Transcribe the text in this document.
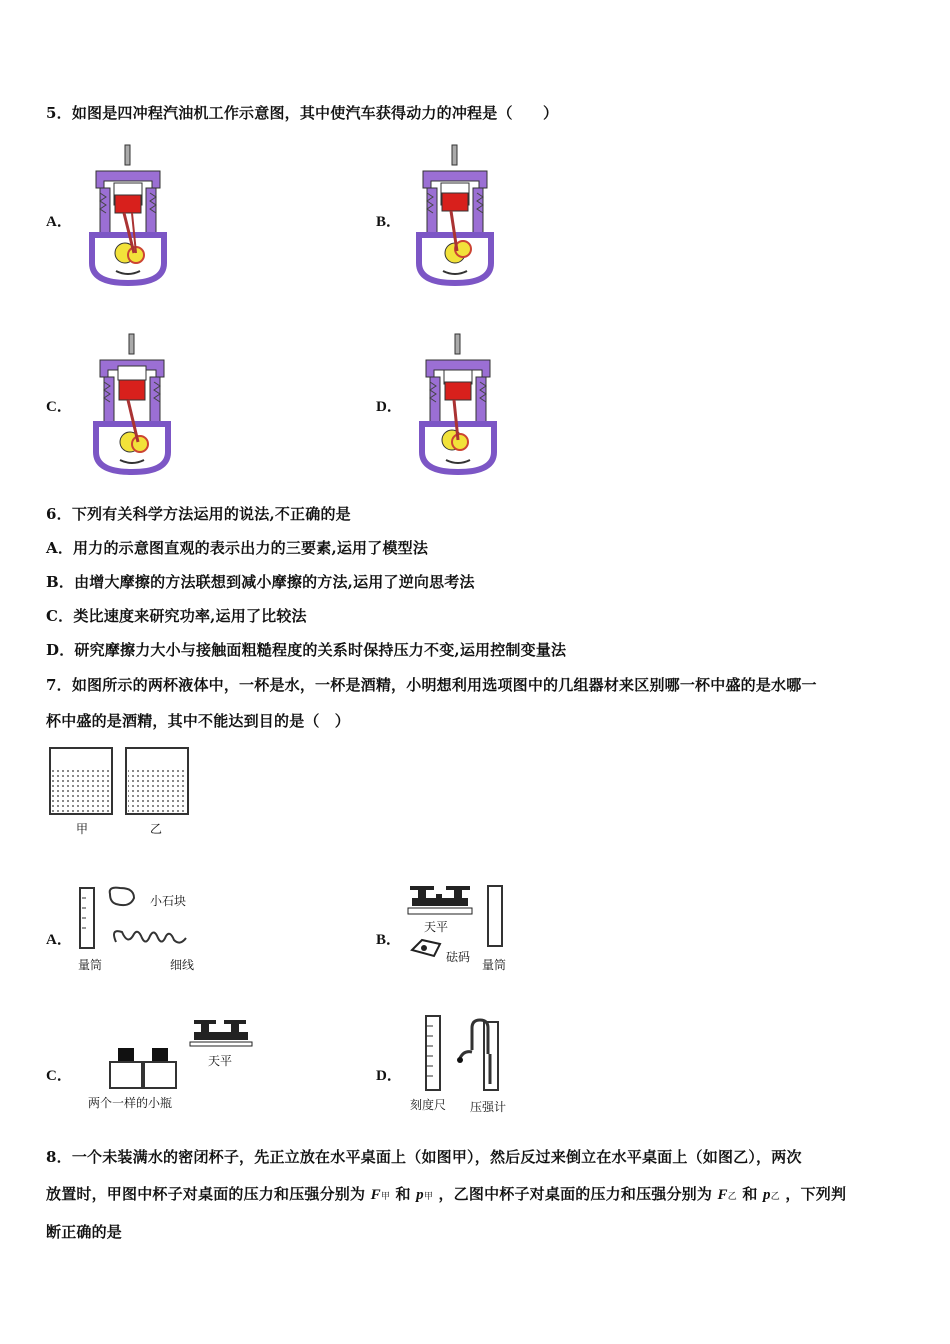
5．如图是四冲程汽油机工作示意图，其中使汽车获得动力的冲程是（　　）
A．	B．
C．	D．
6．下列有关科学方法运用的说法,不正确的是
A．用力的示意图直观的表示出力的三要素,运用了模型法
B．由增大摩擦的方法联想到减小摩擦的方法,运用了逆向思考法
C．类比速度来研究功率,运用了比较法
D．研究摩擦力大小与接触面粗糙程度的关系时保持压力不变,运用控制变量法
7．如图所示的两杯液体中，一杯是水，一杯是酒精，小明想利用选项图中的几组器材来区别哪一杯中盛的是水哪一
杯中盛的是酒精，其中不能达到目的是（　）
甲	乙
A．	B．
C．	D．
小石块
量筒	细线
天平
砝码
量筒
天平
两个一样的小瓶	刻度尺 压强计
8．一个未装满水的密闭杯子，先正立放在水平桌面上（如图甲），然后反过来倒立在水平桌面上（如图乙），两次
放置时，甲图中杯子对桌面的压力和压强分别为 F甲 和 p甲 ，乙图中杯子对桌面的压力和压强分别为 F乙 和 p乙 ，下列判
断正确的是
